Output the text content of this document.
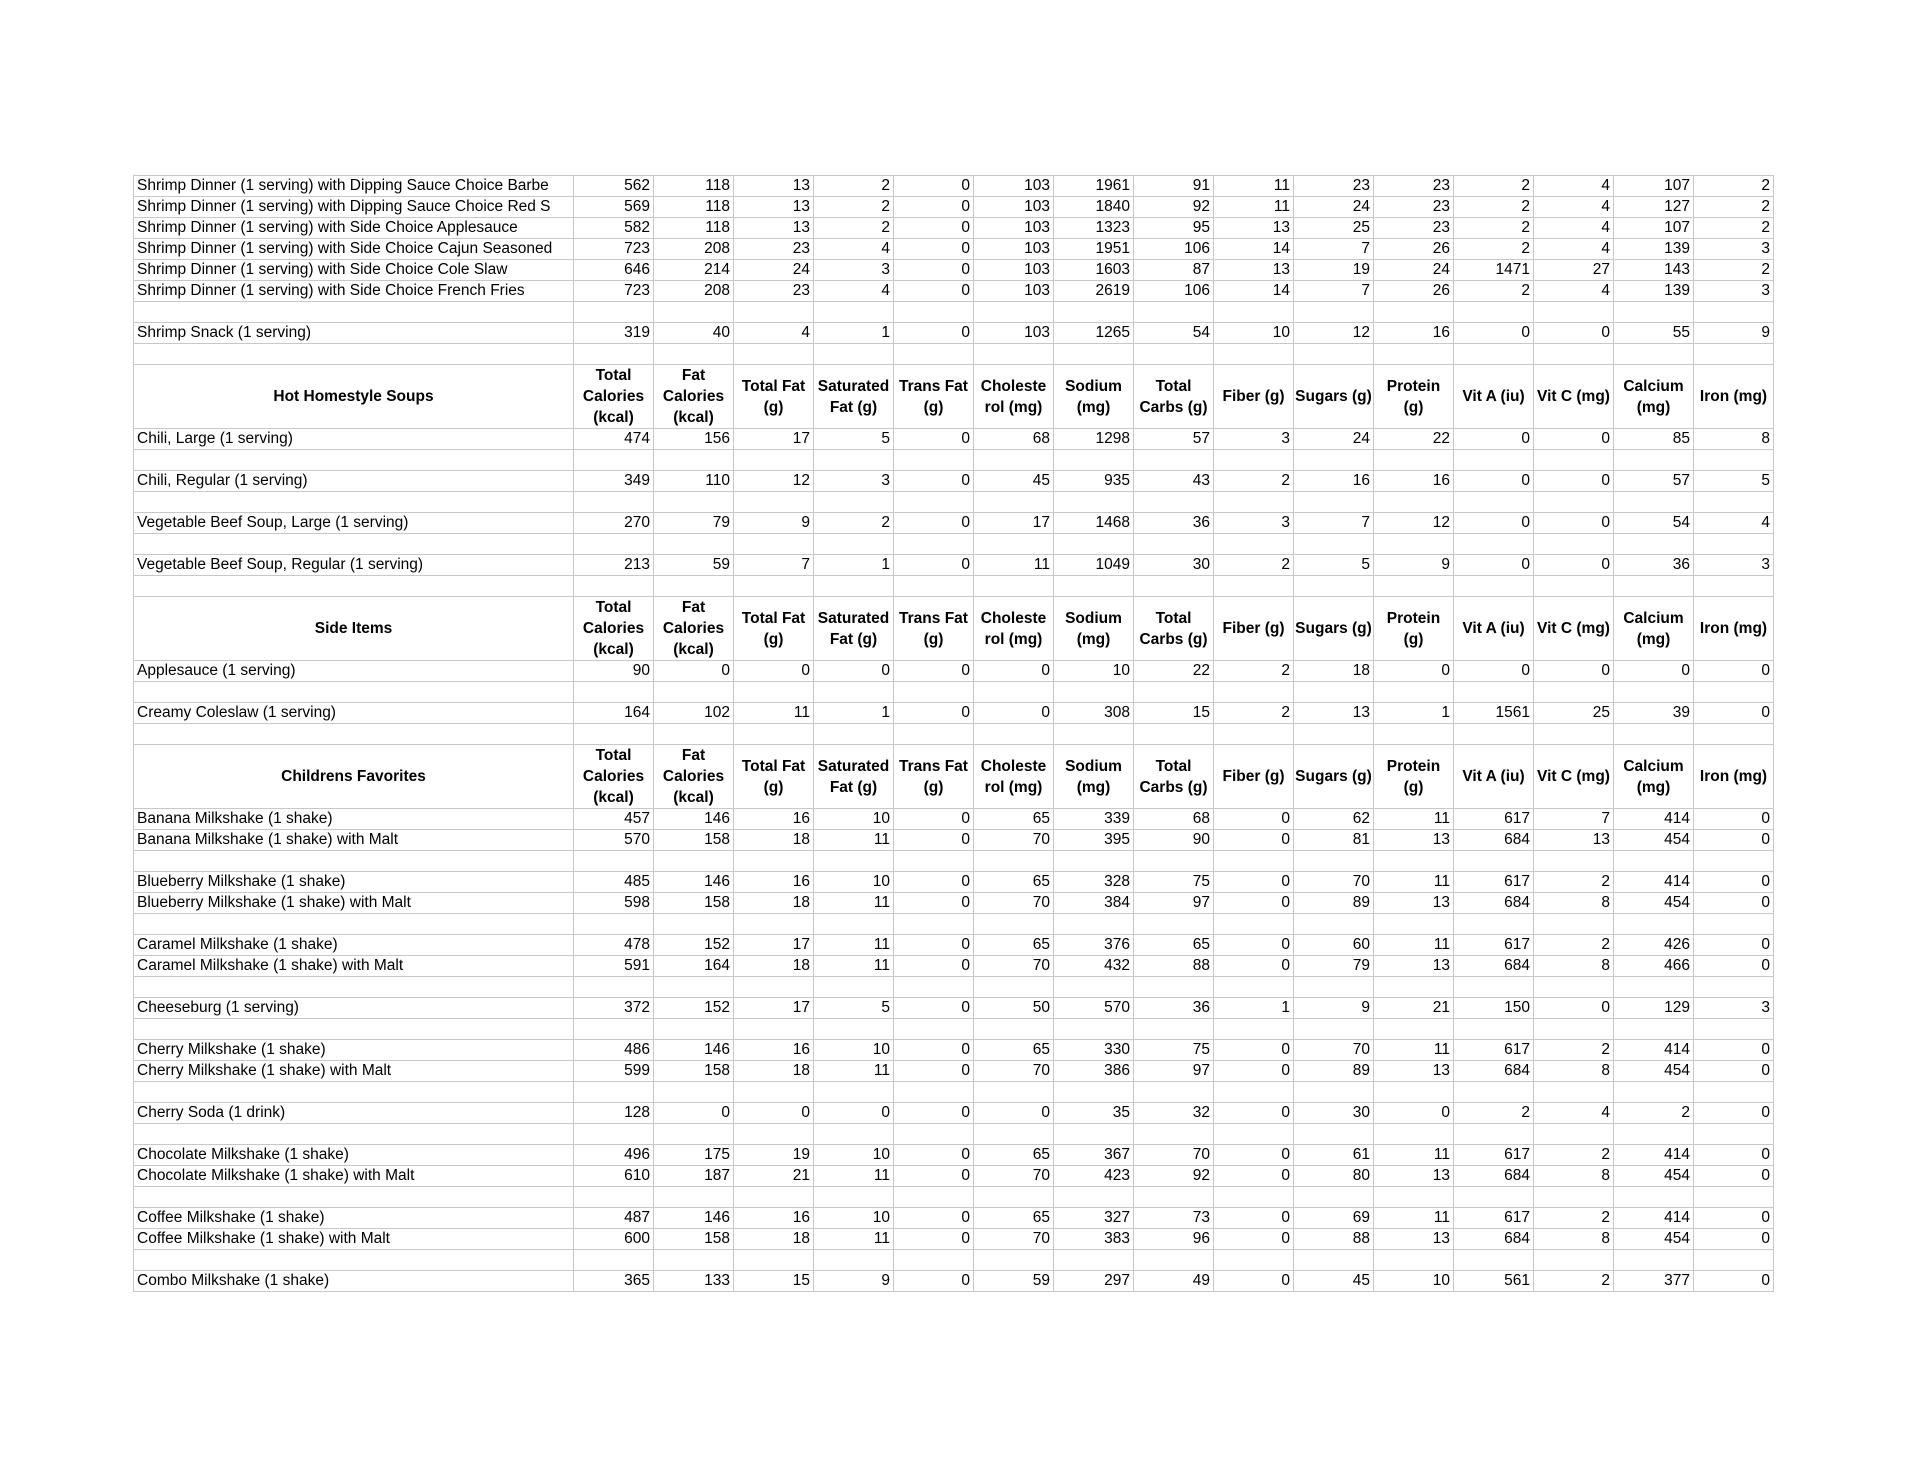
Shrimp Dinner (1 serving) with Dipping Sauce Choice Barbe	562	118	13	2	0	103	1961	91	11	23	23	2	4	107	2
Shrimp Dinner (1 serving) with Dipping Sauce Choice Red S	569	118	13	2	0	103	1840	92	11	24	23	2	4	127	2
Shrimp Dinner (1 serving) with Side Choice Applesauce	582	118	13	2	0	103	1323	95	13	25	23	2	4	107	2
Shrimp Dinner (1 serving) with Side Choice Cajun Seasoned	723	208	23	4	0	103	1951	106	14	7	26	2	4	139	3
Shrimp Dinner (1 serving) with Side Choice Cole Slaw	646	214	24	3	0	103	1603	87	13	19	24	1471	27	143	2
Shrimp Dinner (1 serving) with Side Choice French Fries	723	208	23	4	0	103	2619	106	14	7	26	2	4	139	3

Shrimp Snack (1 serving)	319	40	4	1	0	103	1265	54	10	12	16	0	0	55	9

Hot Homestyle Soups	Total Calories (kcal)	Fat Calories (kcal)	Total Fat (g)	Saturated Fat (g)	Trans Fat (g)	Choleste rol (mg)	Sodium (mg)	Total Carbs (g)	Fiber (g)	Sugars (g)	Protein (g)	Vit A (iu)	Vit C (mg)	Calcium (mg)	Iron (mg)
Chili, Large (1 serving)	474	156	17	5	0	68	1298	57	3	24	22	0	0	85	8

Chili, Regular (1 serving)	349	110	12	3	0	45	935	43	2	16	16	0	0	57	5

Vegetable Beef Soup, Large (1 serving)	270	79	9	2	0	17	1468	36	3	7	12	0	0	54	4

Vegetable Beef Soup, Regular (1 serving)	213	59	7	1	0	11	1049	30	2	5	9	0	0	36	3

Side Items	Total Calories (kcal)	Fat Calories (kcal)	Total Fat (g)	Saturated Fat (g)	Trans Fat (g)	Choleste rol (mg)	Sodium (mg)	Total Carbs (g)	Fiber (g)	Sugars (g)	Protein (g)	Vit A (iu)	Vit C (mg)	Calcium (mg)	Iron (mg)
Applesauce (1 serving)	90	0	0	0	0	0	10	22	2	18	0	0	0	0	0

Creamy Coleslaw (1 serving)	164	102	11	1	0	0	308	15	2	13	1	1561	25	39	0

Childrens Favorites	Total Calories (kcal)	Fat Calories (kcal)	Total Fat (g)	Saturated Fat (g)	Trans Fat (g)	Choleste rol (mg)	Sodium (mg)	Total Carbs (g)	Fiber (g)	Sugars (g)	Protein (g)	Vit A (iu)	Vit C (mg)	Calcium (mg)	Iron (mg)
Banana Milkshake (1 shake)	457	146	16	10	0	65	339	68	0	62	11	617	7	414	0
Banana Milkshake (1 shake) with Malt	570	158	18	11	0	70	395	90	0	81	13	684	13	454	0

Blueberry Milkshake (1 shake)	485	146	16	10	0	65	328	75	0	70	11	617	2	414	0
Blueberry Milkshake (1 shake) with Malt	598	158	18	11	0	70	384	97	0	89	13	684	8	454	0

Caramel Milkshake (1 shake)	478	152	17	11	0	65	376	65	0	60	11	617	2	426	0
Caramel Milkshake (1 shake) with Malt	591	164	18	11	0	70	432	88	0	79	13	684	8	466	0

Cheeseburg (1 serving)	372	152	17	5	0	50	570	36	1	9	21	150	0	129	3

Cherry Milkshake (1 shake)	486	146	16	10	0	65	330	75	0	70	11	617	2	414	0
Cherry Milkshake (1 shake) with Malt	599	158	18	11	0	70	386	97	0	89	13	684	8	454	0

Cherry Soda (1 drink)	128	0	0	0	0	0	35	32	0	30	0	2	4	2	0

Chocolate Milkshake (1 shake)	496	175	19	10	0	65	367	70	0	61	11	617	2	414	0
Chocolate Milkshake (1 shake) with Malt	610	187	21	11	0	70	423	92	0	80	13	684	8	454	0

Coffee Milkshake (1 shake)	487	146	16	10	0	65	327	73	0	69	11	617	2	414	0
Coffee Milkshake (1 shake) with Malt	600	158	18	11	0	70	383	96	0	88	13	684	8	454	0

Combo Milkshake (1 shake)	365	133	15	9	0	59	297	49	0	45	10	561	2	377	0
